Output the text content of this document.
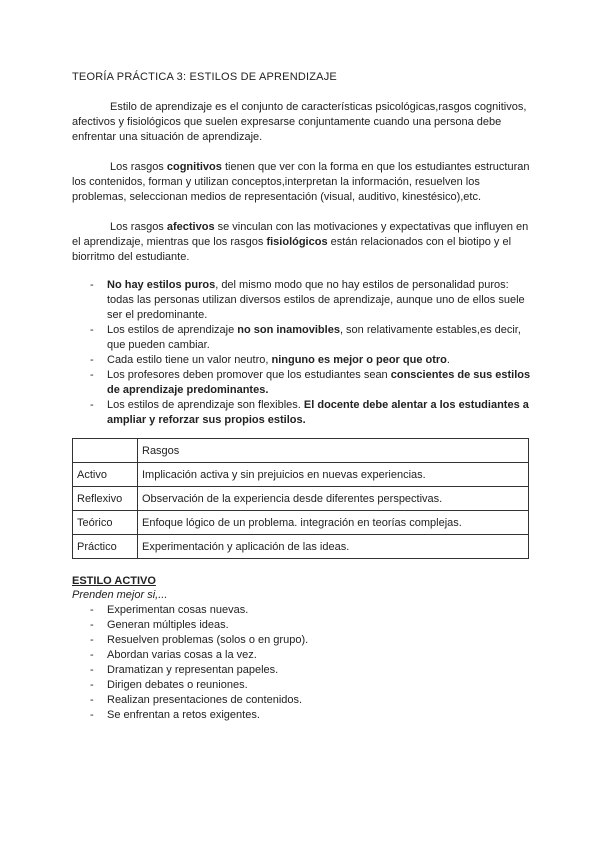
TEORÍA PRÁCTICA 3: ESTILOS DE APRENDIZAJE

Estilo de aprendizaje es el conjunto de características psicológicas,rasgos cognitivos, afectivos y fisiológicos que suelen expresarse conjuntamente cuando una persona debe enfrentar una situación de aprendizaje.

Los rasgos cognitivos tienen que ver con la forma en que los estudiantes estructuran los contenidos, forman y utilizan conceptos,interpretan la información, resuelven los problemas, seleccionan medios de representación (visual, auditivo, kinestésico),etc.

Los rasgos afectivos se vinculan con las motivaciones y expectativas que influyen en el aprendizaje, mientras que los rasgos fisiológicos están relacionados con el biotipo y el biorritmo del estudiante.

- No hay estilos puros, del mismo modo que no hay estilos de personalidad puros: todas las personas utilizan diversos estilos de aprendizaje, aunque uno de ellos suele ser el predominante.
- Los estilos de aprendizaje no son inamovibles, son relativamente estables,es decir, que pueden cambiar.
- Cada estilo tiene un valor neutro, ninguno es mejor o peor que otro.
- Los profesores deben promover que los estudiantes sean conscientes de sus estilos de aprendizaje predominantes.
- Los estilos de aprendizaje son flexibles. El docente debe alentar a los estudiantes a ampliar y reforzar sus propios estilos.
	Rasgos
Activo	Implicación activa y sin prejuicios en nuevas experiencias.
Reflexivo	Observación de la experiencia desde diferentes perspectivas.
Teórico	Enfoque lógico de un problema. integración en teorías complejas.
Práctico	Experimentación y aplicación de las ideas.
ESTILO ACTIVO
Prenden mejor si,...
- Experimentan cosas nuevas.
- Generan múltiples ideas.
- Resuelven problemas (solos o en grupo).
- Abordan varias cosas a la vez.
- Dramatizan y representan papeles.
- Dirigen debates o reuniones.
- Realizan presentaciones de contenidos.
- Se enfrentan a retos exigentes.
